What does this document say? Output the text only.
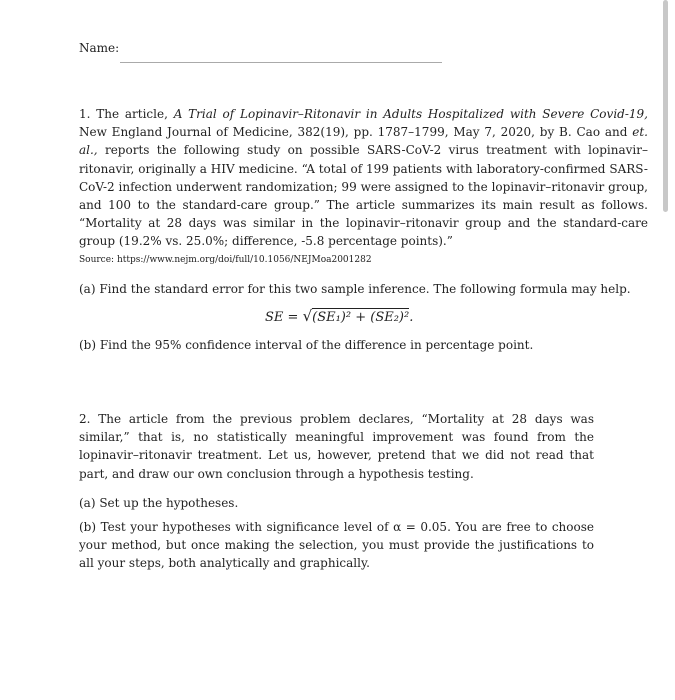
Name:
1. The article, A Trial of Lopinavir–Ritonavir in Adults Hospitalized with Severe Covid-19, New England Journal of Medicine, 382(19), pp. 1787–1799, May 7, 2020, by B. Cao and et. al., reports the following study on possible SARS-CoV-2 virus treatment with lopinavir–ritonavir, originally a HIV medicine. “A total of 199 patients with laboratory-confirmed SARS-CoV-2 infection underwent randomization; 99 were assigned to the lopinavir–ritonavir group, and 100 to the standard-care group.” The article summarizes its main result as follows. “Mortality at 28 days was similar in the lopinavir–ritonavir group and the standard-care group (19.2% vs. 25.0%; difference, -5.8 percentage points).”
Source: https://www.nejm.org/doi/full/10.1056/NEJMoa2001282
(a) Find the standard error for this two sample inference. The following formula may help.
SE = √(SE₁)² + (SE₂)².
(b) Find the 95% confidence interval of the difference in percentage point.
2. The article from the previous problem declares, “Mortality at 28 days was similar,” that is, no statistically meaningful improvement was found from the lopinavir–ritonavir treatment. Let us, however, pretend that we did not read that part, and draw our own conclusion through a hypothesis testing.
(a) Set up the hypotheses.
(b) Test your hypotheses with significance level of α = 0.05. You are free to choose your method, but once making the selection, you must provide the justifications to all your steps, both analytically and graphically.
